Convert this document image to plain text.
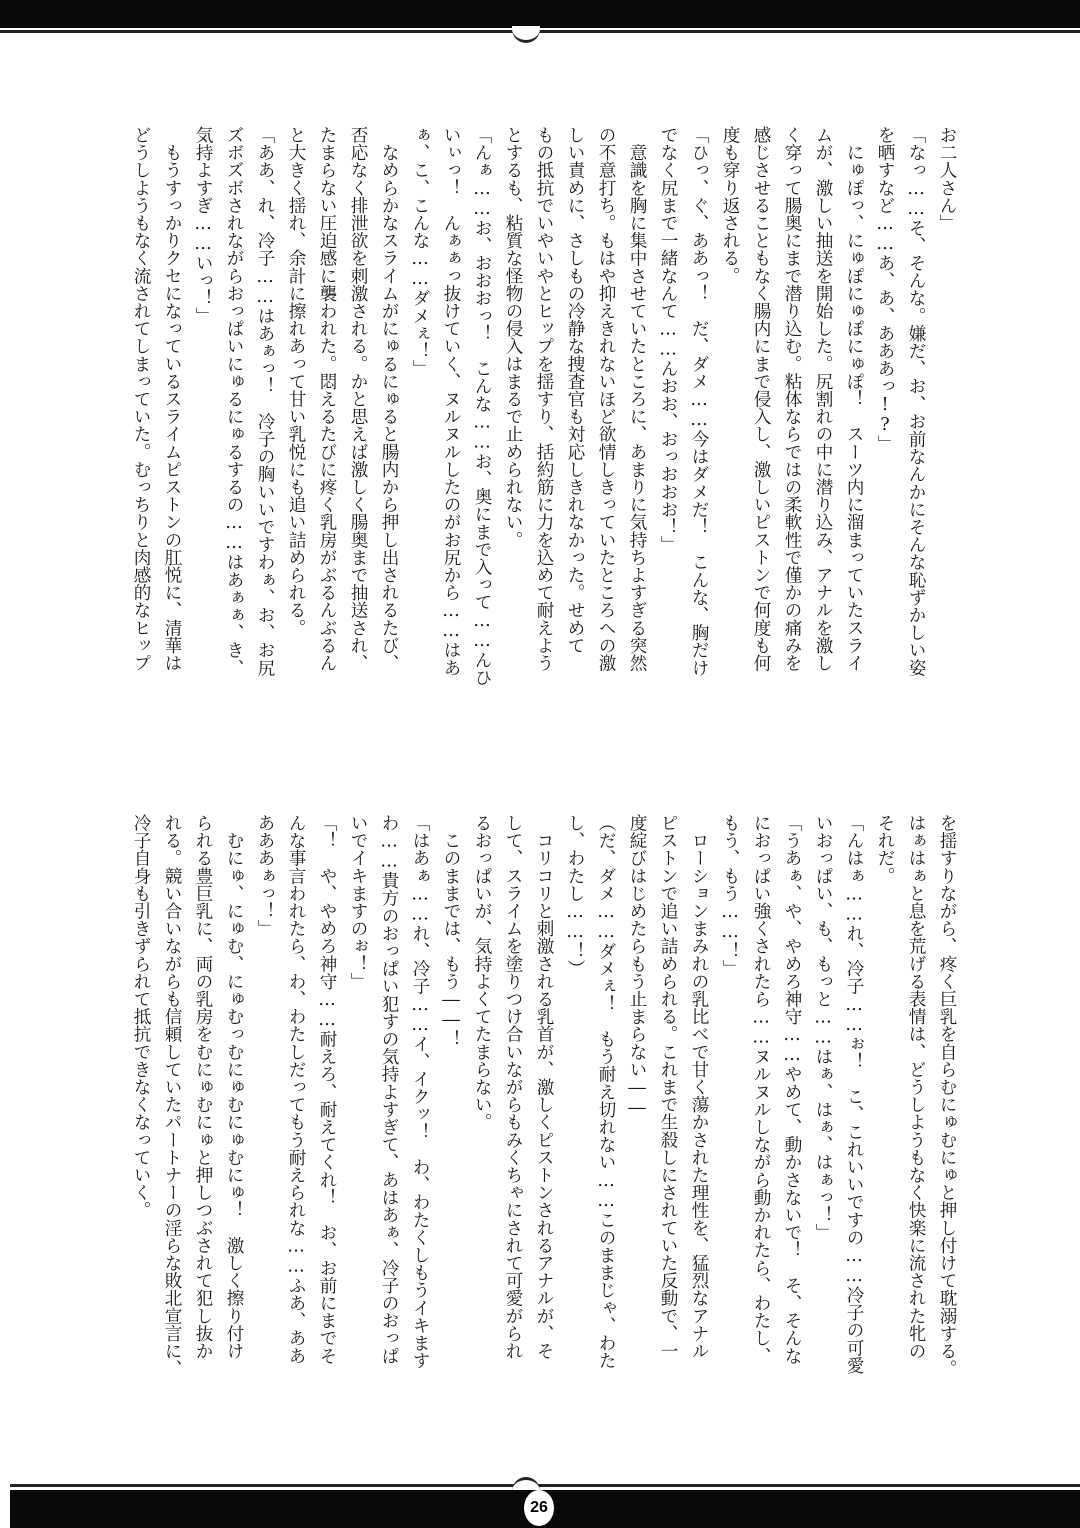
お二人さん」
「なっ……そ、そんな。嫌だ、お、お前なんかにそんな恥ずかしい姿
を晒すなど……あ、あ、あああっ!?」
　にゅぽっ、にゅぽにゅぽにゅぽ！　スーツ内に溜まっていたスライ
ムが、激しい抽送を開始した。尻割れの中に潜り込み、アナルを激し
く穿って腸奥にまで潜り込む。粘体ならではの柔軟性で僅かの痛みを
感じさせることもなく腸内にまで侵入し、激しいピストンで何度も何
度も穿り返される。
「ひっ、ぐ、ああっ！　だ、ダメ……今はダメだ！　こんな、胸だけ
でなく尻まで一緒なんて……んおお、おっおおお！」
　意識を胸に集中させていたところに、あまりに気持ちよすぎる突然
の不意打ち。もはや抑えきれないほど欲情しきっていたところへの激
しい責めに、さしもの冷静な捜査官も対応しきれなかった。せめて
もの抵抗でいやいやとヒップを揺すり、括約筋に力を込めて耐えよう
とするも、粘質な怪物の侵入はまるで止められない。
「んぁ……お、おおおっ！　こんな……お、奥にまで入って……んひ
いぃっ！　んぁぁっ抜けていく、ヌルヌルしたのがお尻から……はあ
ぁ、こ、こんな……ダメぇ！」
　なめらかなスライムがにゅるにゅると腸内から押し出されるたび、
否応なく排泄欲を刺激される。かと思えば激しく腸奥まで抽送され、
たまらない圧迫感に襲われた。悶えるたびに疼く乳房がぶるんぶるん
と大きく揺れ、余計に擦れあって甘い乳悦にも追い詰められる。
「ああ、れ、冷子……はあぁっ！　冷子の胸いいですわぁ、お、お尻
ズボズボされながらおっぱいにゅるにゅるするの……はあぁぁ、き、
気持よすぎ……いっ！」
　もうすっかりクセになっているスライムピストンの肛悦に、清華は
どうしようもなく流されてしまっていた。むっちりと肉感的なヒップ
を揺すりながら、疼く巨乳を自らむにゅむにゅと押し付けて耽溺する。
はぁはぁと息を荒げる表情は、どうしようもなく快楽に流された牝の
それだ。
「んはぁ……れ、冷子……ぉ！　こ、これいいですの……冷子の可愛
いおっぱい、も、もっと……はぁ、はぁ、はぁっ！」
「うあぁ、や、やめろ神守……やめて、動かさないで！　そ、そんな
におっぱい強くされたら……ヌルヌルしながら動かれたら、わたし、
もう、もう……！」
　ローションまみれの乳比べで甘く蕩かされた理性を、猛烈なアナル
ピストンで追い詰められる。これまで生殺しにされていた反動で、一
度綻びはじめたらもう止まらない――
（だ、ダメ……ダメぇ！　もう耐え切れない……このままじゃ、わた
し、わたし……！）
　コリコリと刺激される乳首が、激しくピストンされるアナルが、そ
して、スライムを塗りつけ合いながらもみくちゃにされて可愛がられ
るおっぱいが、気持よくてたまらない。
　このままでは、もう――！
「はあぁ……れ、冷子……イ、イクッ！　わ、わたくしもうイキます
わ……貴方のおっぱい犯すの気持よすぎて、あはあぁ、冷子のおっぱ
いでイキますのぉ！」
「！　や、やめろ神守……耐えろ、耐えてくれ！　お、お前にまでそ
んな事言われたら、わ、わたしだってもう耐えられな……ふあ、ああ
あああぁっ！」
　むにゅ、にゅむ、にゅむっむにゅむにゅむにゅ！　激しく擦り付け
られる豊巨乳に、両の乳房をむにゅむにゅと押しつぶされて犯し抜か
れる。競い合いながらも信頼していたパートナーの淫らな敗北宣言に、
冷子自身も引きずられて抵抗できなくなっていく。
26
